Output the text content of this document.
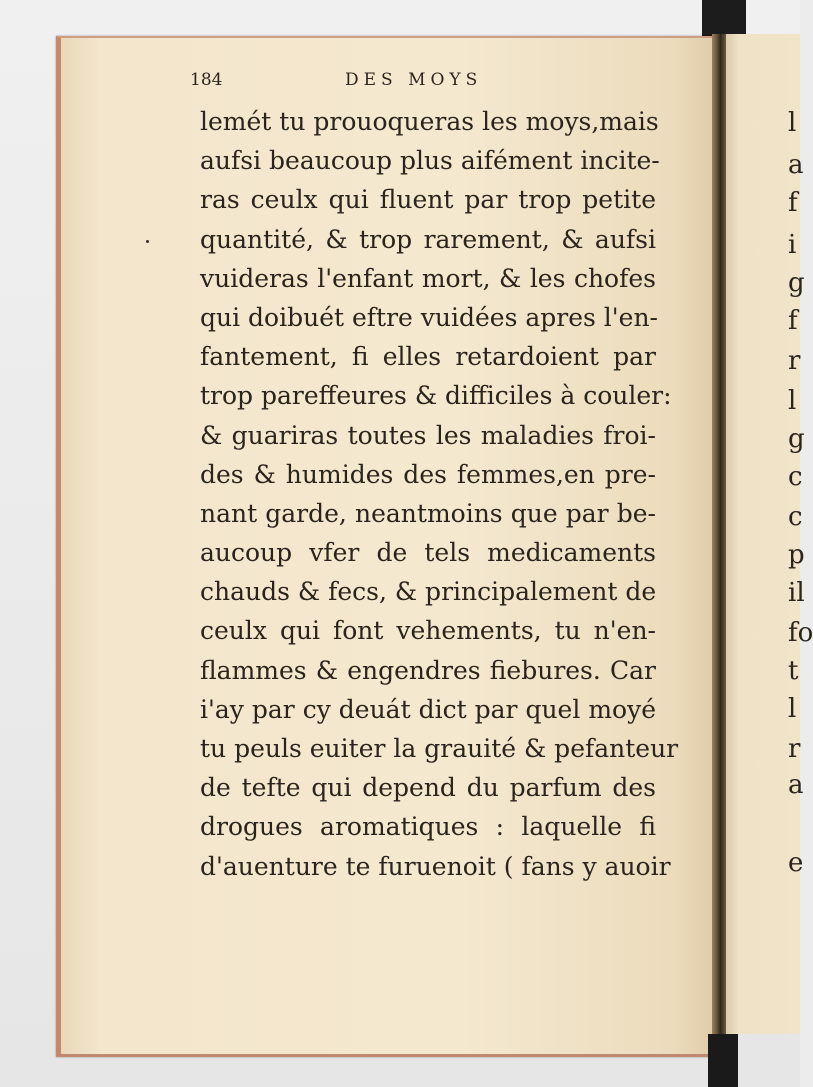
184	DES MOYS
lemét tu prouoqueras les moys,mais
aufsi beaucoup plus aifément incite-
ras ceulx qui fluent par trop petite
quantité, & trop rarement, & aufsi
vuideras l'enfant mort, & les chofes
qui doibuét eftre vuidées apres l'en-
fantement, fi elles retardoient par
trop pareffeures & difficiles à couler:
& guariras toutes les maladies froi-
des & humides des femmes,en pre-
nant garde, neantmoins que par be-
aucoup vfer de tels medicaments
chauds & fecs, & principalement de
ceulx qui font vehements, tu n'en-
flammes & engendres fiebures. Car
i'ay par cy deuát dict par quel moyé
tu peuls euiter la grauité & pefanteur
de tefte qui depend du parfum des
drogues aromatiques : laquelle fi
d'auenture te furuenoit ( fans y auoir
l
a
f
i
g
f
r
l
g
c
c
p
il
fo
t
l
r
a
e
